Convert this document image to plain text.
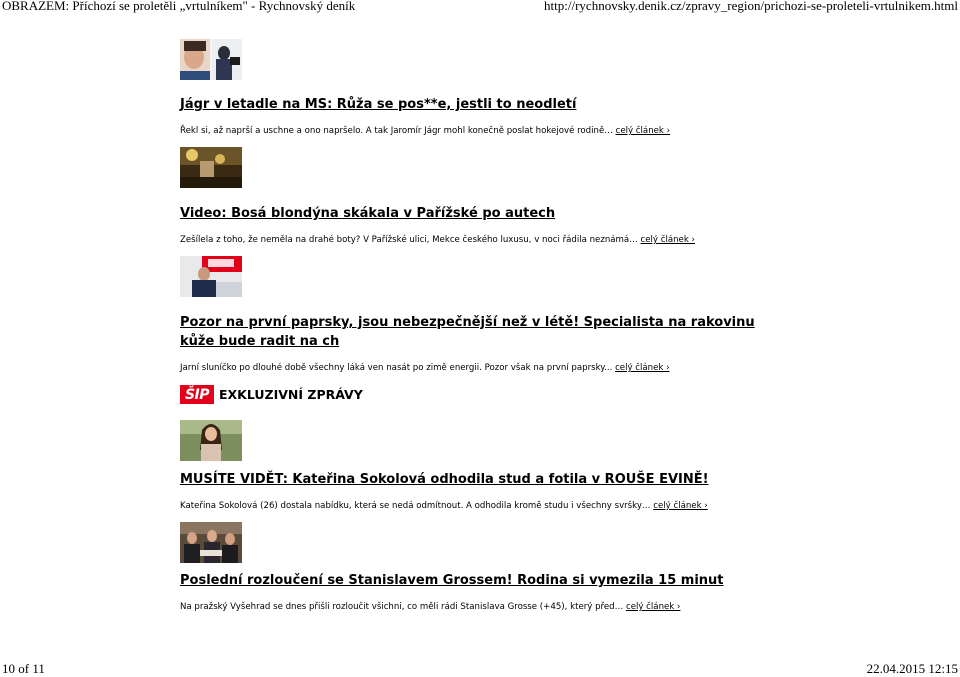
OBRAZEM: Příchozí se proletěli „vrtulníkem" - Rychnovský deník	http://rychnovsky.denik.cz/zpravy_region/prichozi-se-proleteli-vrtulnikem.html
Jágr v letadle na MS: Růža se pos**e, jestli to neodletí
Řekl si, až naprší a uschne a ono napršelo. A tak Jaromír Jágr mohl konečně poslat hokejové rodině… celý článek ›
Video: Bosá blondýna skákala v Pařížské po autech
Zešílela z toho, že neměla na drahé boty? V Pařížské ulici, Mekce českého luxusu, v noci řádila neznámá… celý článek ›
Pozor na první paprsky, jsou nebezpečnější než v létě! Specialista na rakovinu kůže bude radit na ch
Jarní sluníčko po dlouhé době všechny láká ven nasát po zimě energii. Pozor však na první paprsky... celý článek ›
ŠIP EXKLUZIVNÍ ZPRÁVY
MUSÍTE VIDĚT: Kateřina Sokolová odhodila stud a fotila v ROUŠE EVINĚ!
Kateřina Sokolová (26) dostala nabídku, která se nedá odmítnout. A odhodila kromě studu i všechny svršky… celý článek ›
Poslední rozloučení se Stanislavem Grossem! Rodina si vymezila 15 minut
Na pražský Vyšehrad se dnes přišli rozloučit všichni, co měli rádi Stanislava Grosse (+45), který před… celý článek ›
10 of 11	22.04.2015 12:15
